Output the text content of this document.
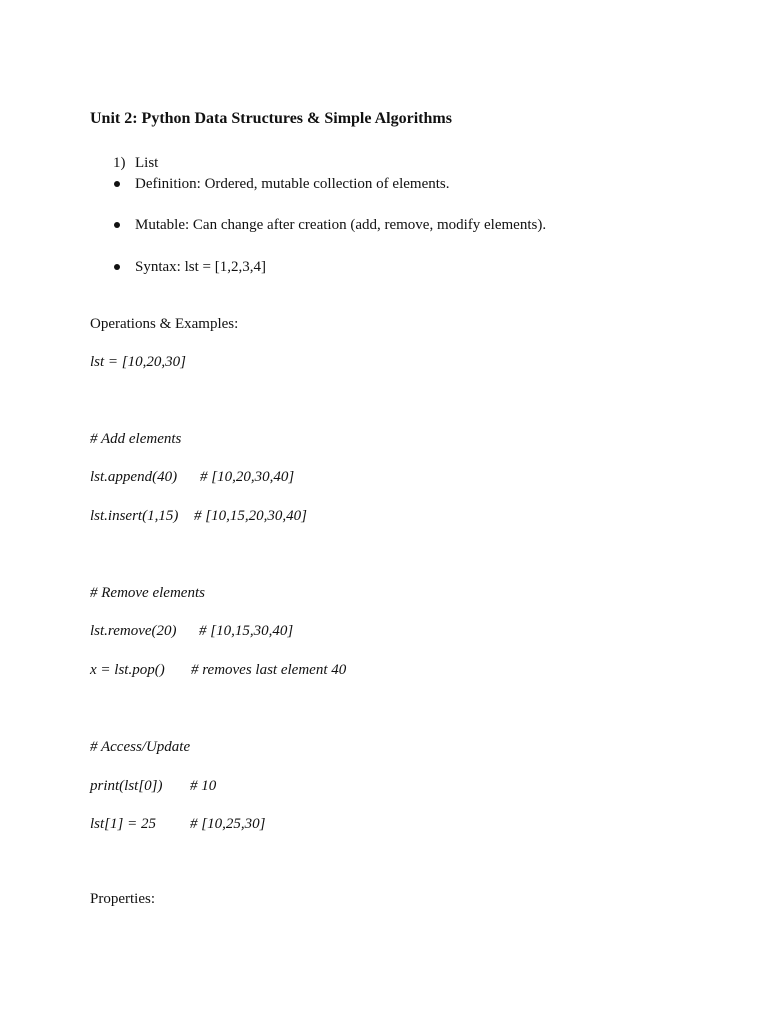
Unit 2: Python Data Structures & Simple Algorithms
1) List
Definition: Ordered, mutable collection of elements.
Mutable: Can change after creation (add, remove, modify elements).
Syntax: lst = [1,2,3,4]
Operations & Examples:
lst = [10,20,30]
# Add elements
lst.append(40) # [10,20,30,40]
lst.insert(1,15) # [10,15,20,30,40]
# Remove elements
lst.remove(20) # [10,15,30,40]
x = lst.pop() # removes last element 40
# Access/Update
print(lst[0]) # 10
lst[1] = 25 # [10,25,30]
Properties:
